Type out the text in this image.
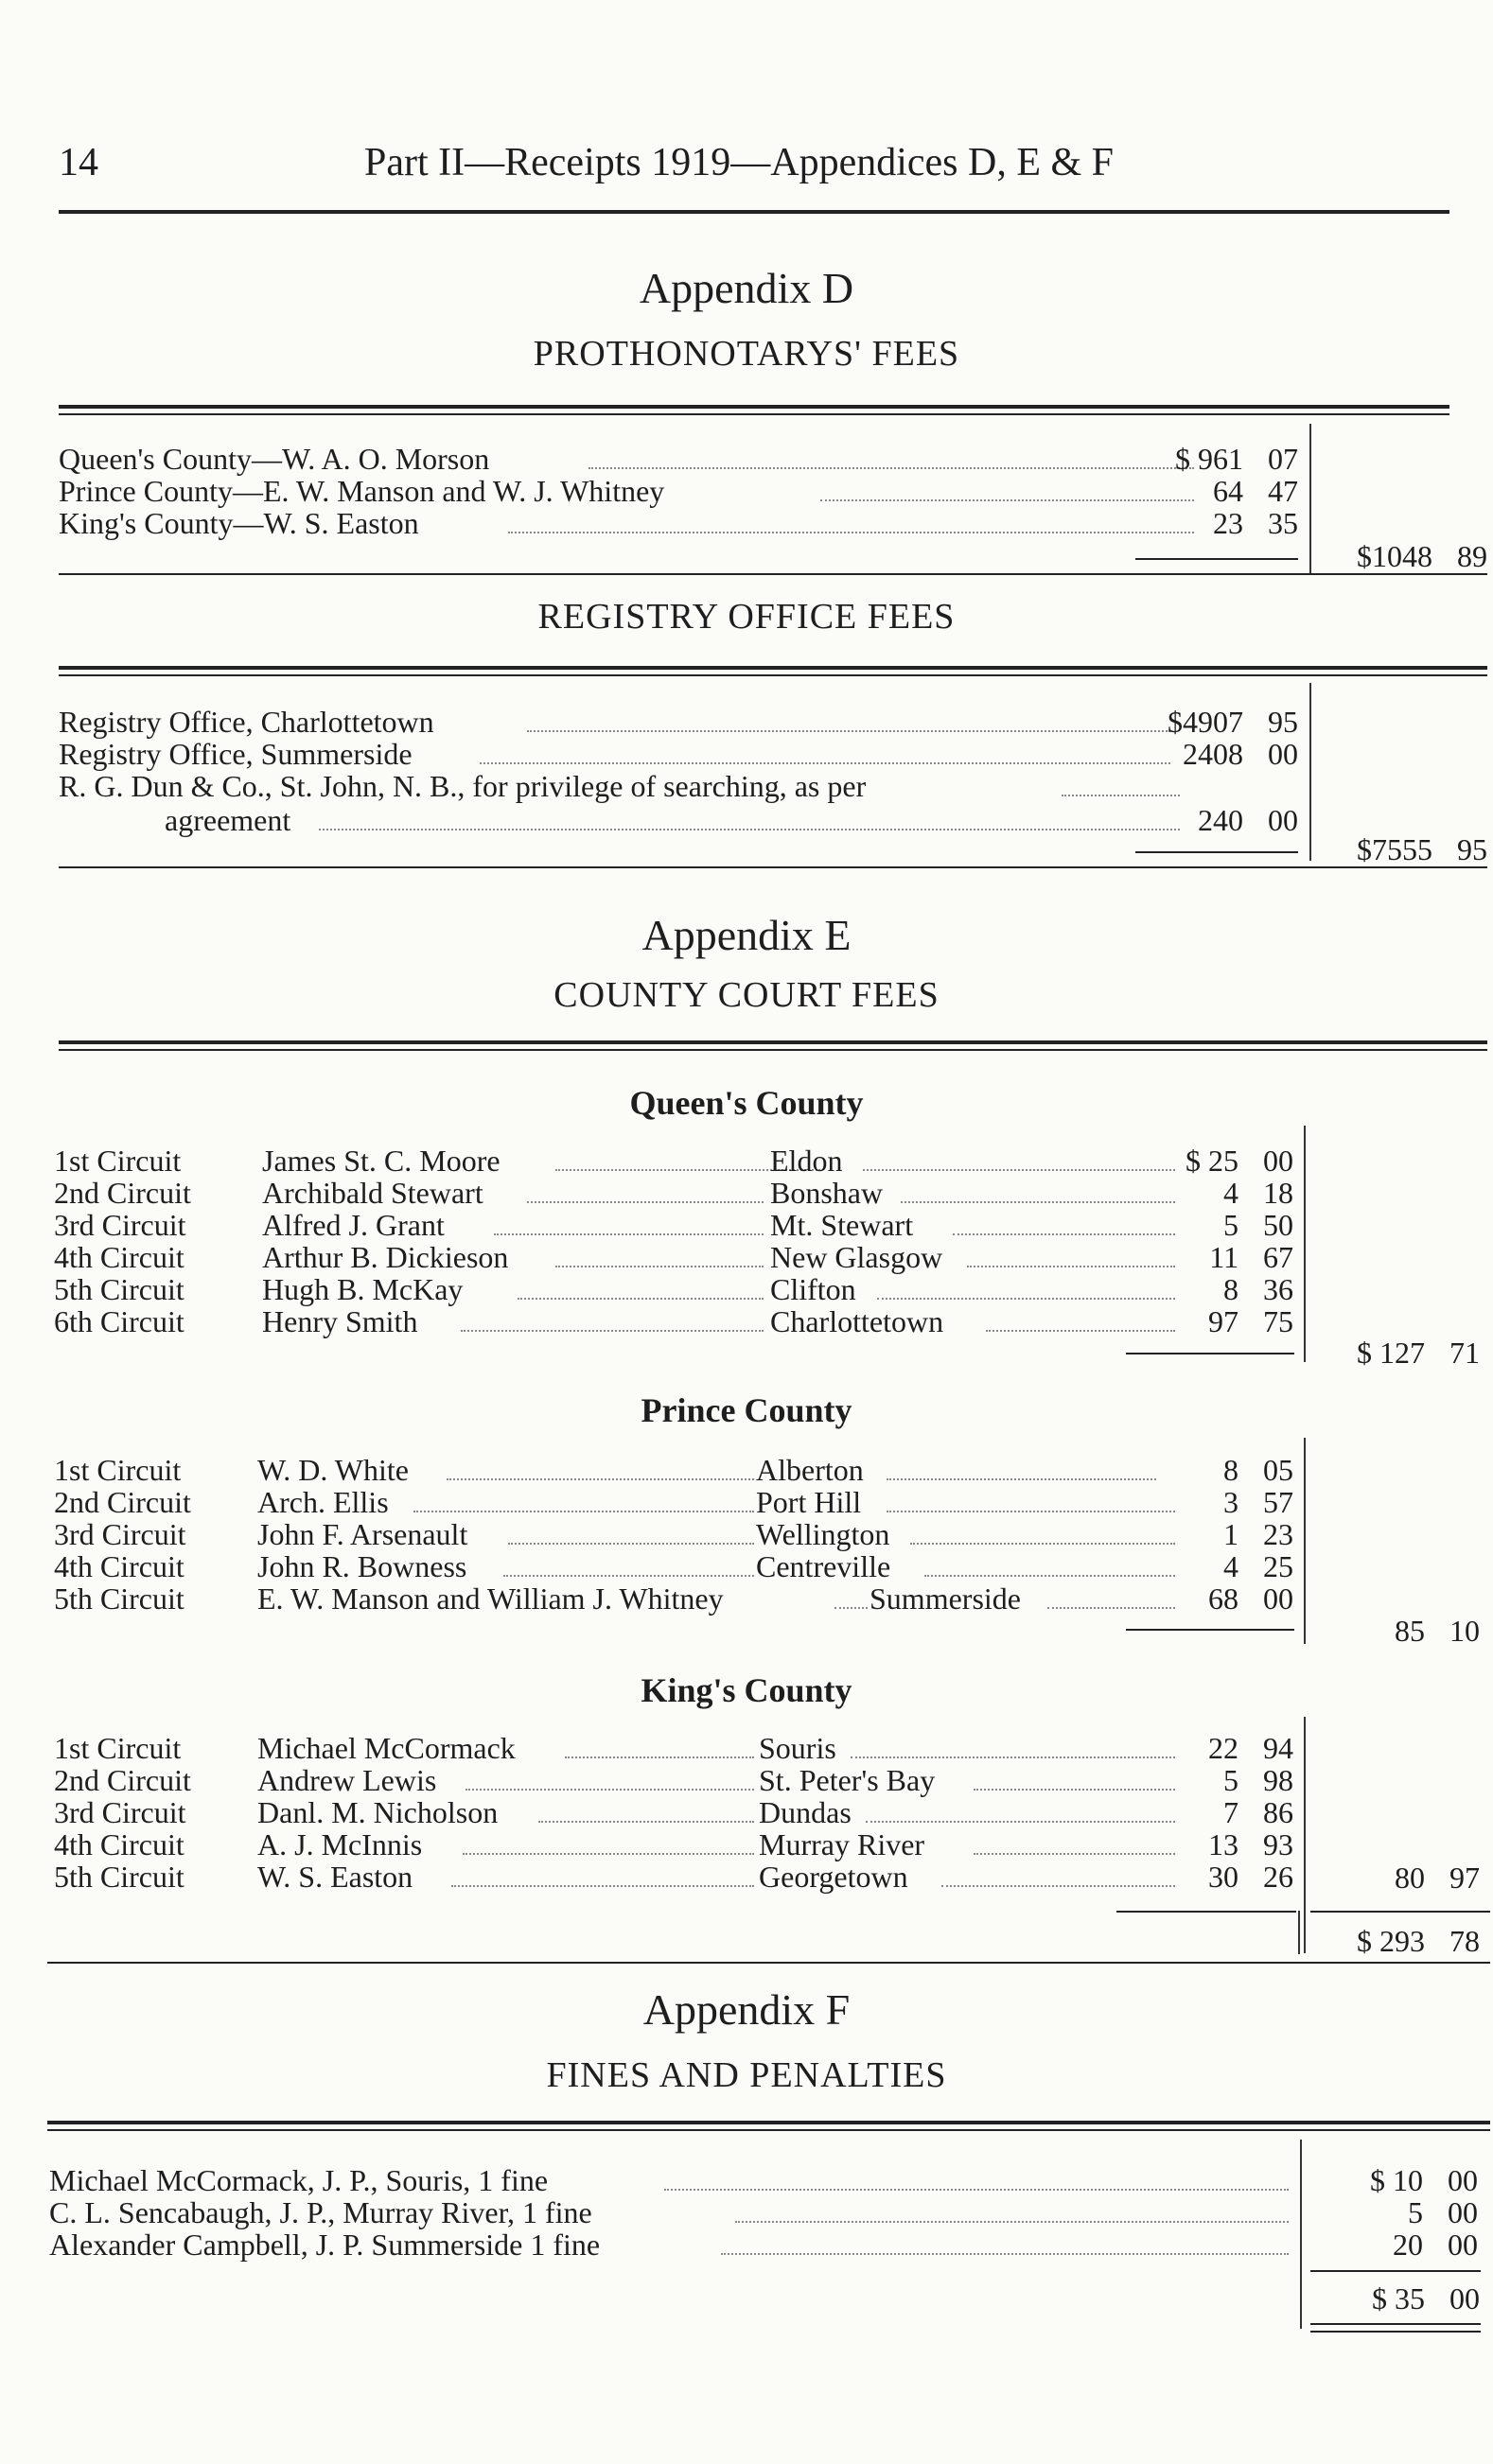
14	Part II—Receipts 1919—Appendices D, E & F
Appendix D
PROTHONOTARYS' FEES
Queen's County—W. A. O. Morson	$ 961 07
Prince County—E. W. Manson and W. J. Whitney	64 47
King's County—W. S. Easton	23 35
$1048 89
REGISTRY OFFICE FEES
Registry Office, Charlottetown	$4907 95
Registry Office, Summerside	2408 00
R. G. Dun & Co., St. John, N. B., for privilege of searching, as per
agreement	240 00
$7555 95
Appendix E
COUNTY COURT FEES
Queen's County
1st Circuit	James St. C. Moore	Eldon	$ 25 00
2nd Circuit Archibald Stewart	Bonshaw	4 18
3rd Circuit	Alfred J. Grant	Mt. Stewart	5 50
4th Circuit	Arthur B. Dickieson	New Glasgow	11 67
5th Circuit	Hugh B. McKay	Clifton	8 36
6th Circuit	Henry Smith	Charlottetown	97 75
$ 127 71
Prince County
1st Circuit	W. D. White	Alberton	8 05
2nd Circuit Arch. Ellis	Port Hill	3 57
3rd Circuit John F. Arsenault	Wellington	1 23
4th Circuit John R. Bowness	Centreville	4 25
5th Circuit E. W. Manson and William J. Whitney	Summerside	68 00
85 10
King's County
1st Circuit	Michael McCormack	Souris	22 94
2nd Circuit Andrew Lewis	St. Peter's Bay	5 98
3rd Circuit Danl. M. Nicholson	Dundas	7 86
4th Circuit A. J. McInnis	Murray River	13 93
5th Circuit W. S. Easton	Georgetown	30 26	80 97
$ 293 78
Appendix F
FINES AND PENALTIES
Michael McCormack, J. P., Souris, 1 fine	$ 10 00
C. L. Sencabaugh, J. P., Murray River, 1 fine	5 00
Alexander Campbell, J. P. Summerside 1 fine	20 00
$ 35 00
